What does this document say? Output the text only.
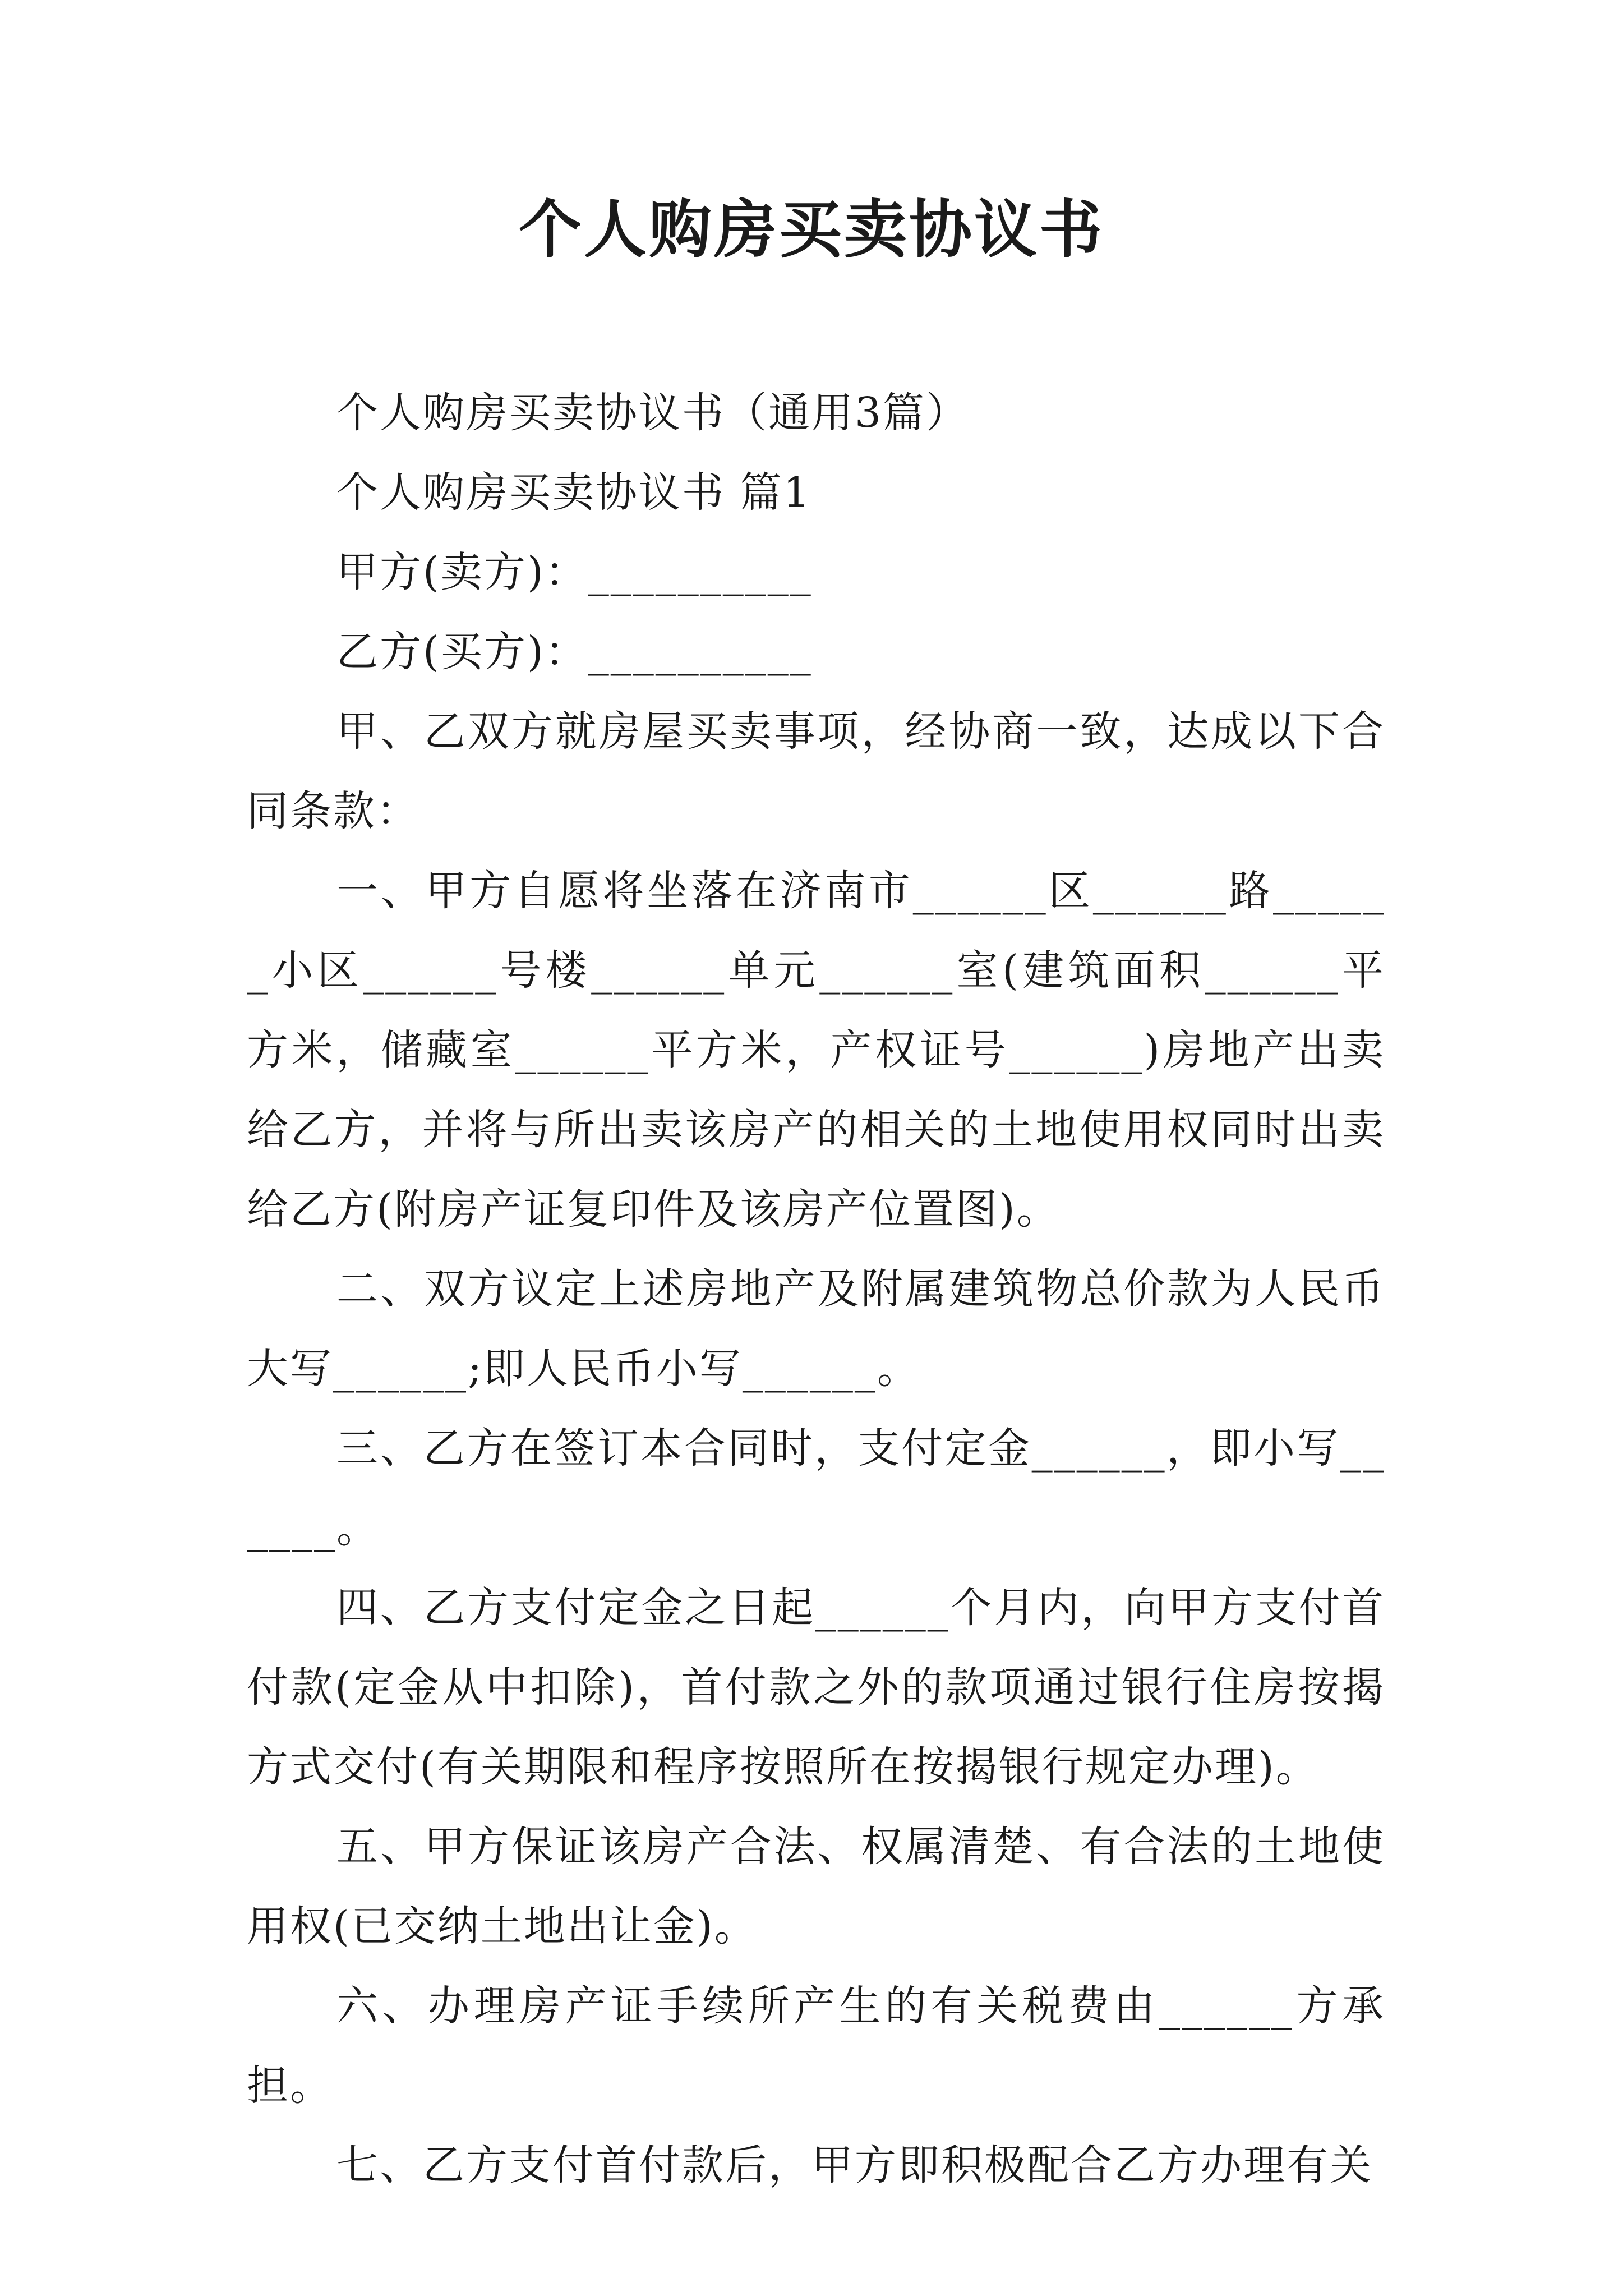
个人购房买卖协议书

个人购房买卖协议书（通用3篇）

个人购房买卖协议书 篇1

甲方(卖方)：__________

乙方(买方)：__________

甲、乙双方就房屋买卖事项，经协商一致，达成以下合同条款：

一、甲方自愿将坐落在济南市______区______路______小区______号楼______单元______室(建筑面积______平方米，储藏室______平方米，产权证号______)房地产出卖给乙方，并将与所出卖该房产的相关的土地使用权同时出卖给乙方(附房产证复印件及该房产位置图)。

二、双方议定上述房地产及附属建筑物总价款为人民币大写______;即人民币小写______。

三、乙方在签订本合同时，支付定金______，即小写______。

四、乙方支付定金之日起______个月内，向甲方支付首付款(定金从中扣除)，首付款之外的款项通过银行住房按揭方式交付(有关期限和程序按照所在按揭银行规定办理)。

五、甲方保证该房产合法、权属清楚、有合法的土地使用权(已交纳土地出让金)。

六、办理房产证手续所产生的有关税费由______方承担。

七、乙方支付首付款后，甲方即积极配合乙方办理有关
